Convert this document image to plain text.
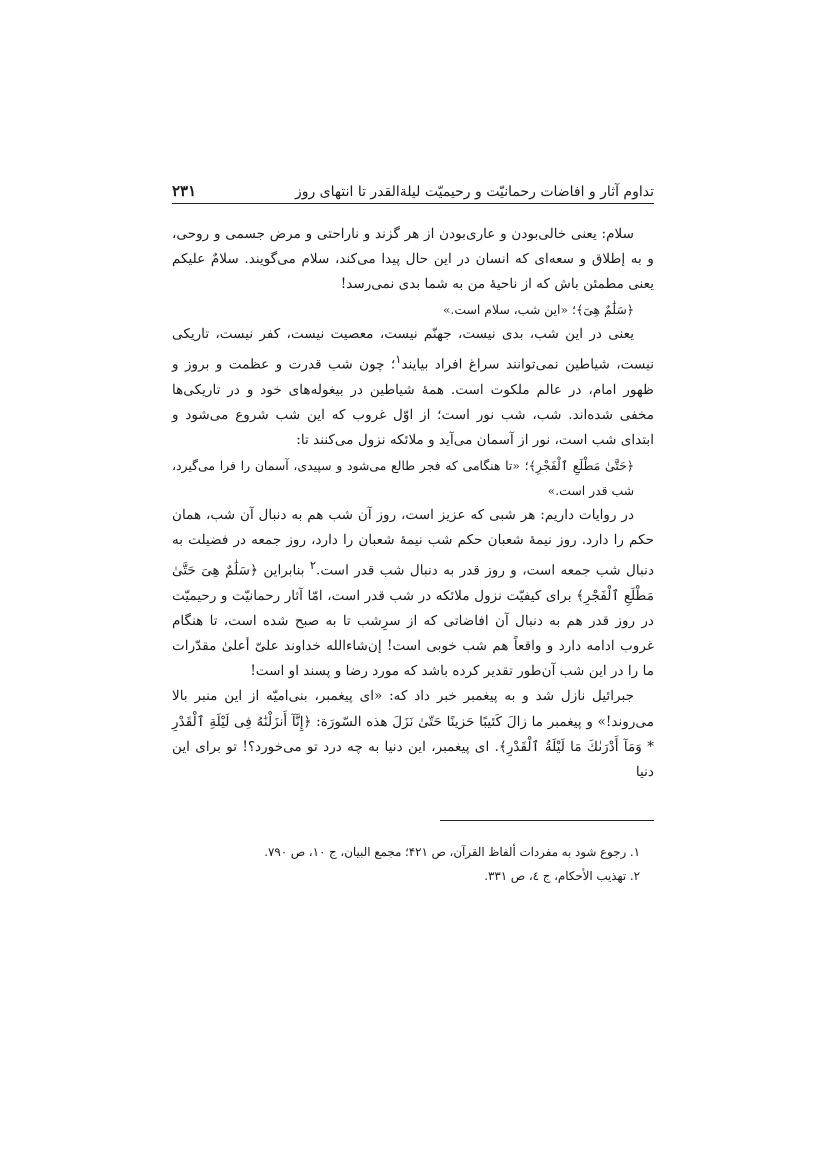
تداوم آثار و افاضات رحمانیّت و رحیمیّت لیلةالقدر تا انتهای روز
۲۳۱

سلام: یعنی خالی‌بودن و عاری‌بودن از هر گزند و ناراحتی و مرض جسمی و روحی، و به إطلاق و سعه‌ای که انسان در این حال پیدا می‌کند، سلام می‌گویند. سلامٌ علیکم یعنی مطمئن باش که از ناحیهٔ من به شما بدی نمی‌رسد!

﴿سَلَٰمٌ هِیَ﴾؛ «این شب، سلام است.»

یعنی در این شب، بدی نیست، جهنّم نیست، معصیت نیست، کفر نیست، تاریکی نیست، شیاطین نمی‌توانند سراغ افراد بیایند$^۱$؛ چون شب قدرت و عظمت و بروز و ظهور امام، در عالم ملکوت است. همهٔ شیاطین در بیغوله‌های خود و در تاریکی‌ها مخفی شده‌اند. شب، شب نور است؛ از اوّل غروب که این شب شروع می‌شود و ابتدای شب است، نور از آسمان می‌آید و ملائکه نزول می‌کنند تا:

﴿حَتَّیٰ مَطْلَعِ ٱلْفَجْرِ﴾؛ «تا هنگامی که فجر طالع می‌شود و سپیدی، آسمان را فرا می‌گیرد، شب قدر است.»

در روایات داریم: هر شبی که عزیز است، روز آن شب هم به دنبال آن شب، همان حکم را دارد. روز نیمهٔ شعبان حکم شب نیمهٔ شعبان را دارد، روز جمعه در فضیلت به دنبال شب جمعه است، و روز قدر به دنبال شب قدر است.$^۲$ بنابراین ﴿سَلَٰمٌ هِیَ حَتَّیٰ مَطْلَعِ ٱلْفَجْرِ﴾ برای کیفیّت نزول ملائکه در شب قدر است، امّا آثار رحمانیّت و رحیمیّت در روز قدر هم به دنبال آن افاضاتی که از سرِشب تا به صبح شده است، تا هنگام غروب ادامه دارد و واقعاً هم شب خوبی است! إن‌شاءالله خداوند علیّ أعلیٰ مقدّرات ما را در این شب آن‌طور تقدیر کرده باشد که مورد رضا و پسند او است!

جبرائیل نازل شد و به پیغمبر خبر داد که: «ای پیغمبر، بنی‌امیّه از این منبر بالا می‌روند!» و پیغمبر ما زالَ کَئیبًا حَزینًا حَتّیٰ نَزَلَ هذه السّورَة: ﴿إِنَّآ أَنزَلْنَٰهُ فِی لَیْلَةِ ٱلْقَدْرِ * وَمَآ أَدْرَىٰكَ مَا لَیْلَةُ ٱلْقَدْرِ﴾. ای پیغمبر، این دنیا به چه درد تو می‌خورد؟! تو برای این دنیا

۱. رجوع شود به مفردات ألفاظ القرآن، ص ۴۲۱؛ مجمع البیان، ج ۱۰، ص ۷۹۰.

۲. تهذیب الأحکام، ج ٤، ص ۳۳۱.
